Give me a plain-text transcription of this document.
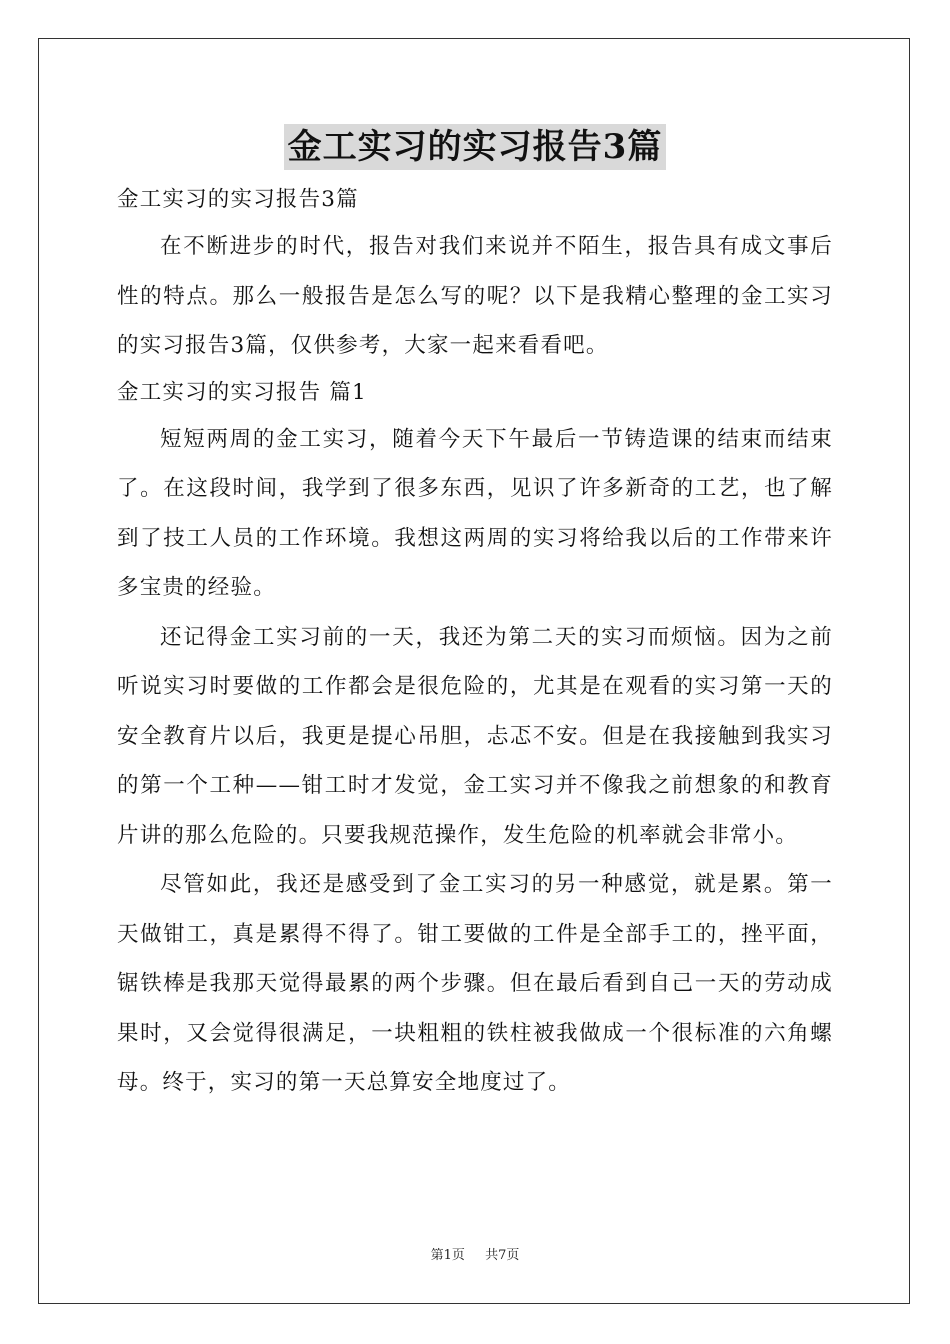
金工实习的实习报告3篇

金工实习的实习报告3篇

在不断进步的时代，报告对我们来说并不陌生，报告具有成文事后性的特点。那么一般报告是怎么写的呢？以下是我精心整理的金工实习的实习报告3篇，仅供参考，大家一起来看看吧。

金工实习的实习报告 篇1

短短两周的金工实习，随着今天下午最后一节铸造课的结束而结束了。在这段时间，我学到了很多东西，见识了许多新奇的工艺，也了解到了技工人员的工作环境。我想这两周的实习将给我以后的工作带来许多宝贵的经验。

还记得金工实习前的一天，我还为第二天的实习而烦恼。因为之前听说实习时要做的工作都会是很危险的，尤其是在观看的实习第一天的安全教育片以后，我更是提心吊胆，忐忑不安。但是在我接触到我实习的第一个工种——钳工时才发觉，金工实习并不像我之前想象的和教育片讲的那么危险的。只要我规范操作，发生危险的机率就会非常小。

尽管如此，我还是感受到了金工实习的另一种感觉，就是累。第一天做钳工，真是累得不得了。钳工要做的工件是全部手工的，挫平面，锯铁棒是我那天觉得最累的两个步骤。但在最后看到自己一天的劳动成果时，又会觉得很满足，一块粗粗的铁柱被我做成一个很标准的六角螺母。终于，实习的第一天总算安全地度过了。

第1页 共7页
